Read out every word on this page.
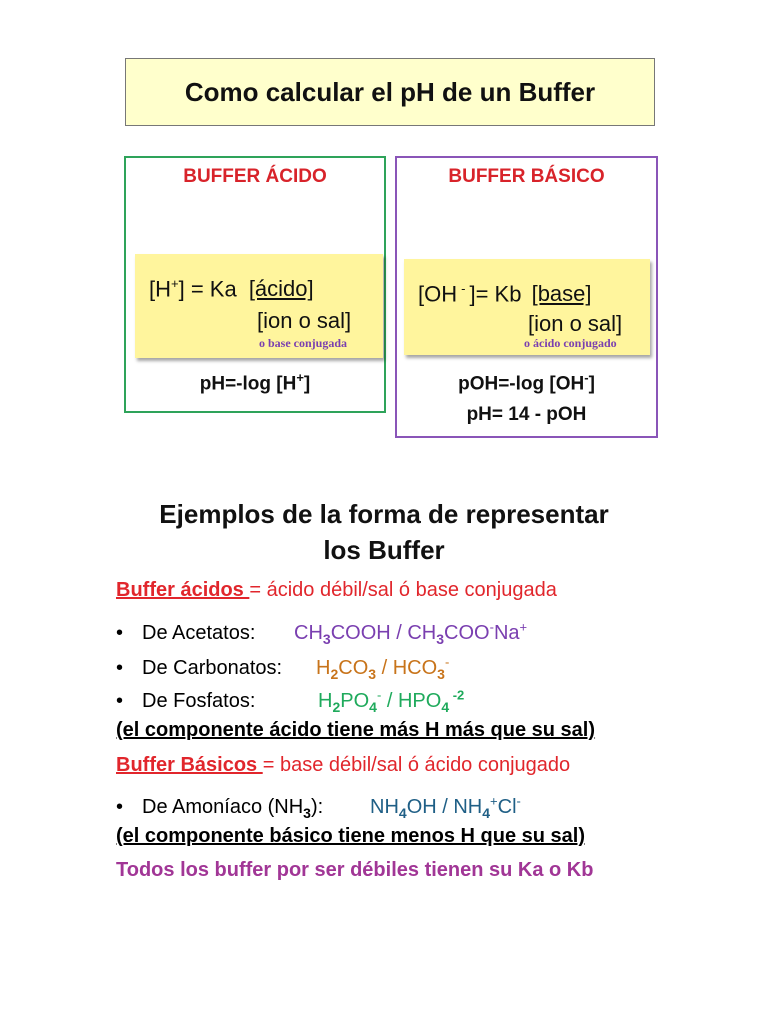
Como calcular el pH de un Buffer
BUFFER ÁCIDO
[H+] = Ka [ácido]
[ion o sal]
o base conjugada
pH=-log [H+]
BUFFER BÁSICO
[OH - ]= Kb [base]
[ion o sal]
o ácido conjugado
pOH=-log [OH-]
pH= 14 - pOH
Ejemplos de la forma de representar
los Buffer
Buffer ácidos = ácido débil/sal ó base conjugada
• De Acetatos: $CH_3COOH / CH_3COO^-Na^+$
• De Carbonatos: $H_2CO_3 / HCO_3^-$
• De Fosfatos:	$H_2PO_4^- / HPO_4$ $^{-2}$
(el componente ácido tiene más H más que su sal)
Buffer Básicos = base débil/sal ó ácido conjugado
• De Amoníaco $(NH_3)$: $NH_4OH / NH_4^+Cl^-$
(el componente básico tiene menos H que su sal)
Todos los buffer por ser débiles tienen su Ka o Kb
